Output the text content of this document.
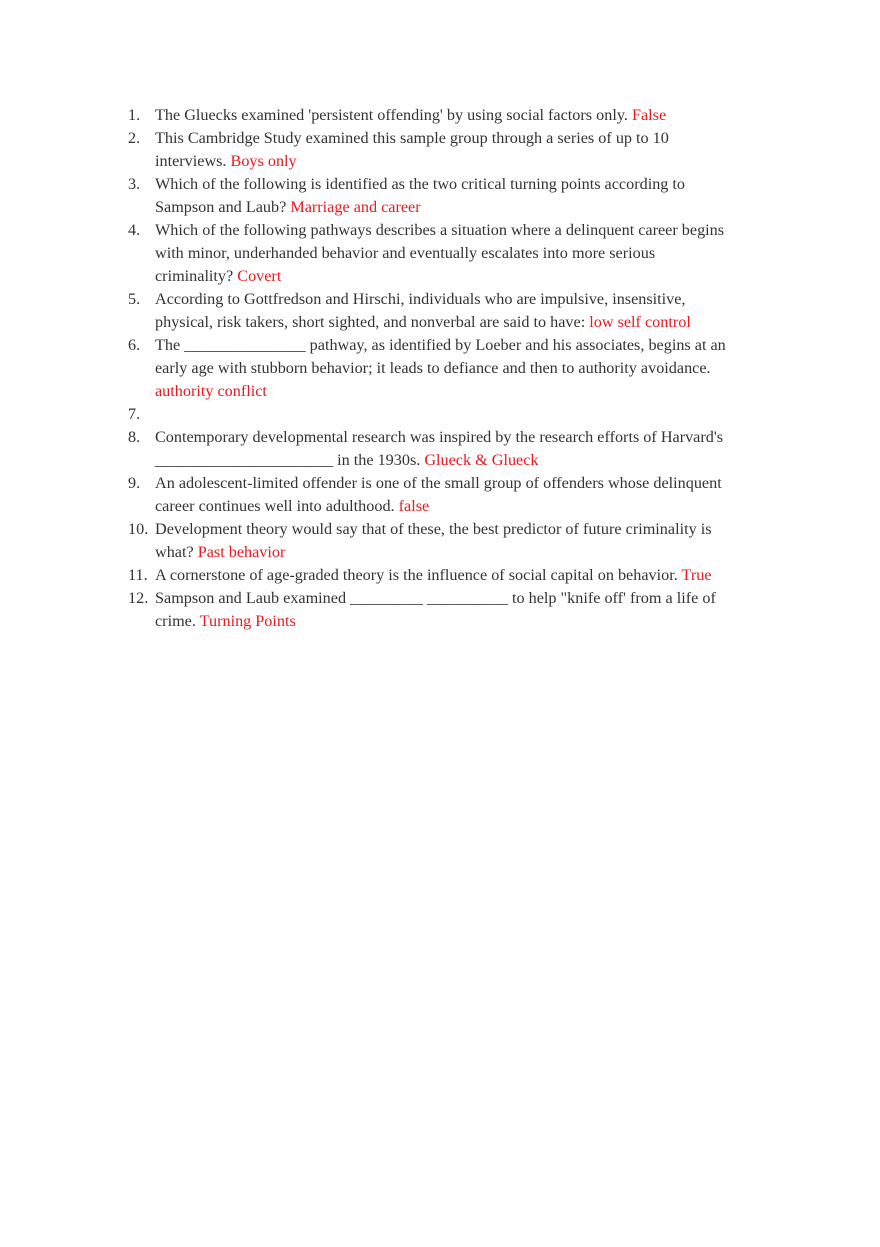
1. The Gluecks examined 'persistent offending' by using social factors only. False
2. This Cambridge Study examined this sample group through a series of up to 10 interviews. Boys only
3. Which of the following is identified as the two critical turning points according to Sampson and Laub? Marriage and career
4. Which of the following pathways describes a situation where a delinquent career begins with minor, underhanded behavior and eventually escalates into more serious criminality? Covert
5. According to Gottfredson and Hirschi, individuals who are impulsive, insensitive, physical, risk takers, short sighted, and nonverbal are said to have: low self control
6. The _______________ pathway, as identified by Loeber and his associates, begins at an early age with stubborn behavior; it leads to defiance and then to authority avoidance. authority conflict
7.
8. Contemporary developmental research was inspired by the research efforts of Harvard's ______________________ in the 1930s. Glueck & Glueck
9. An adolescent-limited offender is one of the small group of offenders whose delinquent career continues well into adulthood. false
10. Development theory would say that of these, the best predictor of future criminality is what? Past behavior
11. A cornerstone of age-graded theory is the influence of social capital on behavior. True
12. Sampson and Laub examined _________ __________ to help "knife off' from a life of crime. Turning Points
